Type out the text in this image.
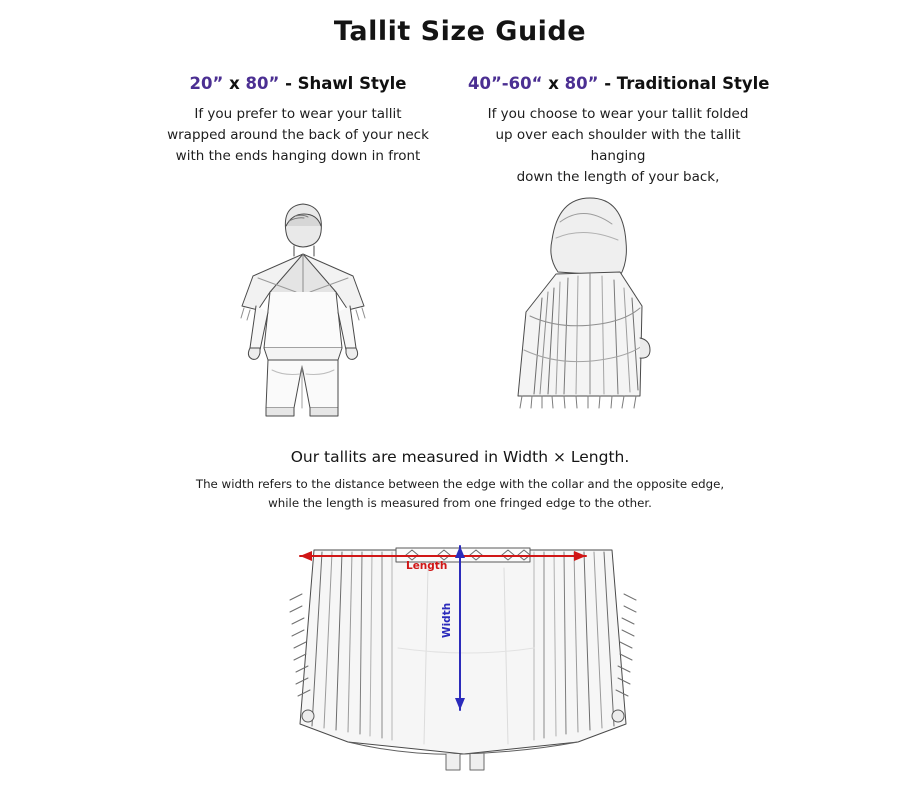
Tallit Size Guide
20” x 80” - Shawl Style
If you prefer to wear your tallit
wrapped around the back of your neck
with the ends hanging down in front
40”-60“ x 80” - Traditional Style
If you choose to wear your tallit folded
up over each shoulder with the tallit hanging
down the length of your back,
Our tallits are measured in Width × Length.
The width refers to the distance between the edge with the collar and the opposite edge,
while the length is measured from one fringed edge to the other.
Length
Width
